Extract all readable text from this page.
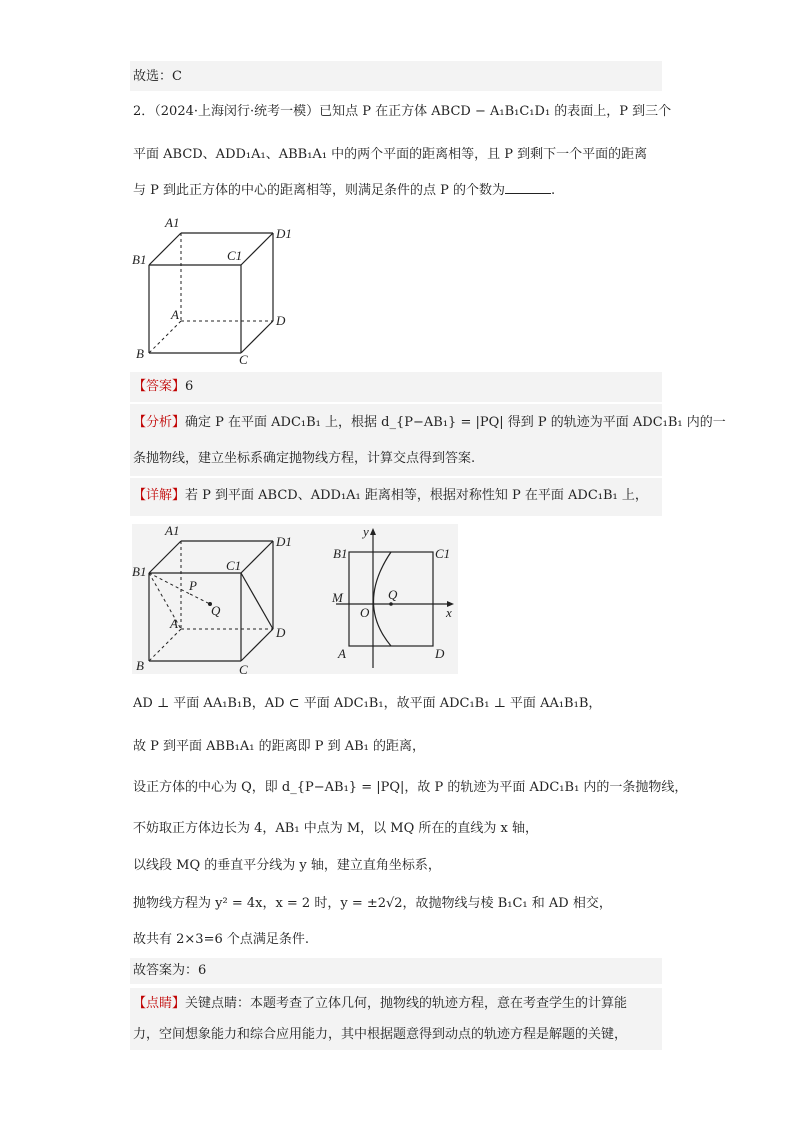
故选：C
2．（2024·上海闵行·统考一模）已知点 P 在正方体 ABCD − A₁B₁C₁D₁ 的表面上，P 到三个
平面 ABCD、ADD₁A₁、ABB₁A₁ 中的两个平面的距离相等，且 P 到剩下一个平面的距离
与 P 到此正方体的中心的距离相等，则满足条件的点 P 的个数为	.
A1
D1
B1	C1
A	D
B	C
【答案】6
【分析】确定 P 在平面 ADC₁B₁ 上，根据 d_{P−AB₁} = |PQ| 得到 P 的轨迹为平面 ADC₁B₁ 内的一
条抛物线，建立坐标系确定抛物线方程，计算交点得到答案.
【详解】若 P 到平面 ABCD、ADD₁A₁ 距离相等，根据对称性知 P 在平面 ADC₁B₁ 上，
A1
D1
B1	C1
P
Q
A
D
B	C
y
B1	C1
M
O
Q
x
A	D
AD ⊥ 平面 AA₁B₁B，AD ⊂ 平面 ADC₁B₁，故平面 ADC₁B₁ ⊥ 平面 AA₁B₁B，
故 P 到平面 ABB₁A₁ 的距离即 P 到 AB₁ 的距离，
设正方体的中心为 Q，即 d_{P−AB₁} = |PQ|，故 P 的轨迹为平面 ADC₁B₁ 内的一条抛物线，
不妨取正方体边长为 4，AB₁ 中点为 M，以 MQ 所在的直线为 x 轴，
以线段 MQ 的垂直平分线为 y 轴，建立直角坐标系，
抛物线方程为 y² = 4x，x = 2 时，y = ±2√2，故抛物线与棱 B₁C₁ 和 AD 相交，
故共有 2×3=6 个点满足条件.
故答案为：6
【点睛】关键点睛：本题考查了立体几何，抛物线的轨迹方程，意在考查学生的计算能
力，空间想象能力和综合应用能力，其中根据题意得到动点的轨迹方程是解题的关键，
